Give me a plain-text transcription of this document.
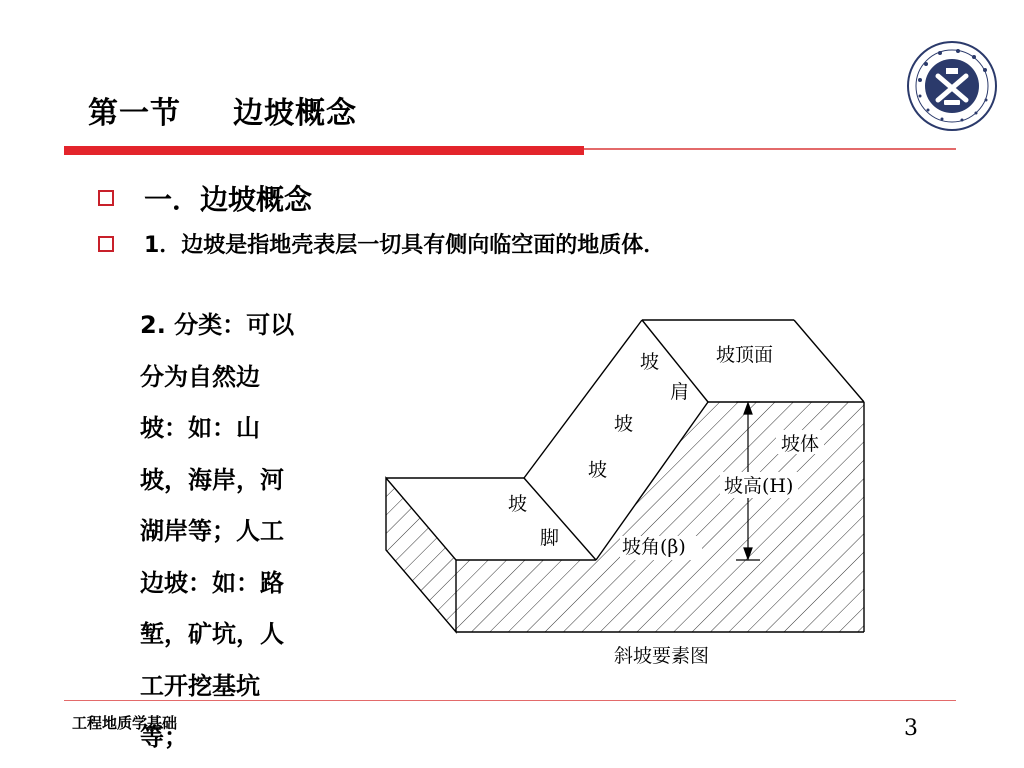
第一节 边坡概念
一．边坡概念
1．边坡是指地壳表层一切具有侧向临空面的地质体．
2. 分类：可以
分为自然边
坡：如：山
坡，海岸，河
湖岸等；人工
边坡：如：路
堑，矿坑，人
工开挖基坑
等；
坡顶面
坡
肩
坡
坡
坡体
坡高(H)
坡
脚	坡角(β)
斜坡要素图
工程地质学基础	3
